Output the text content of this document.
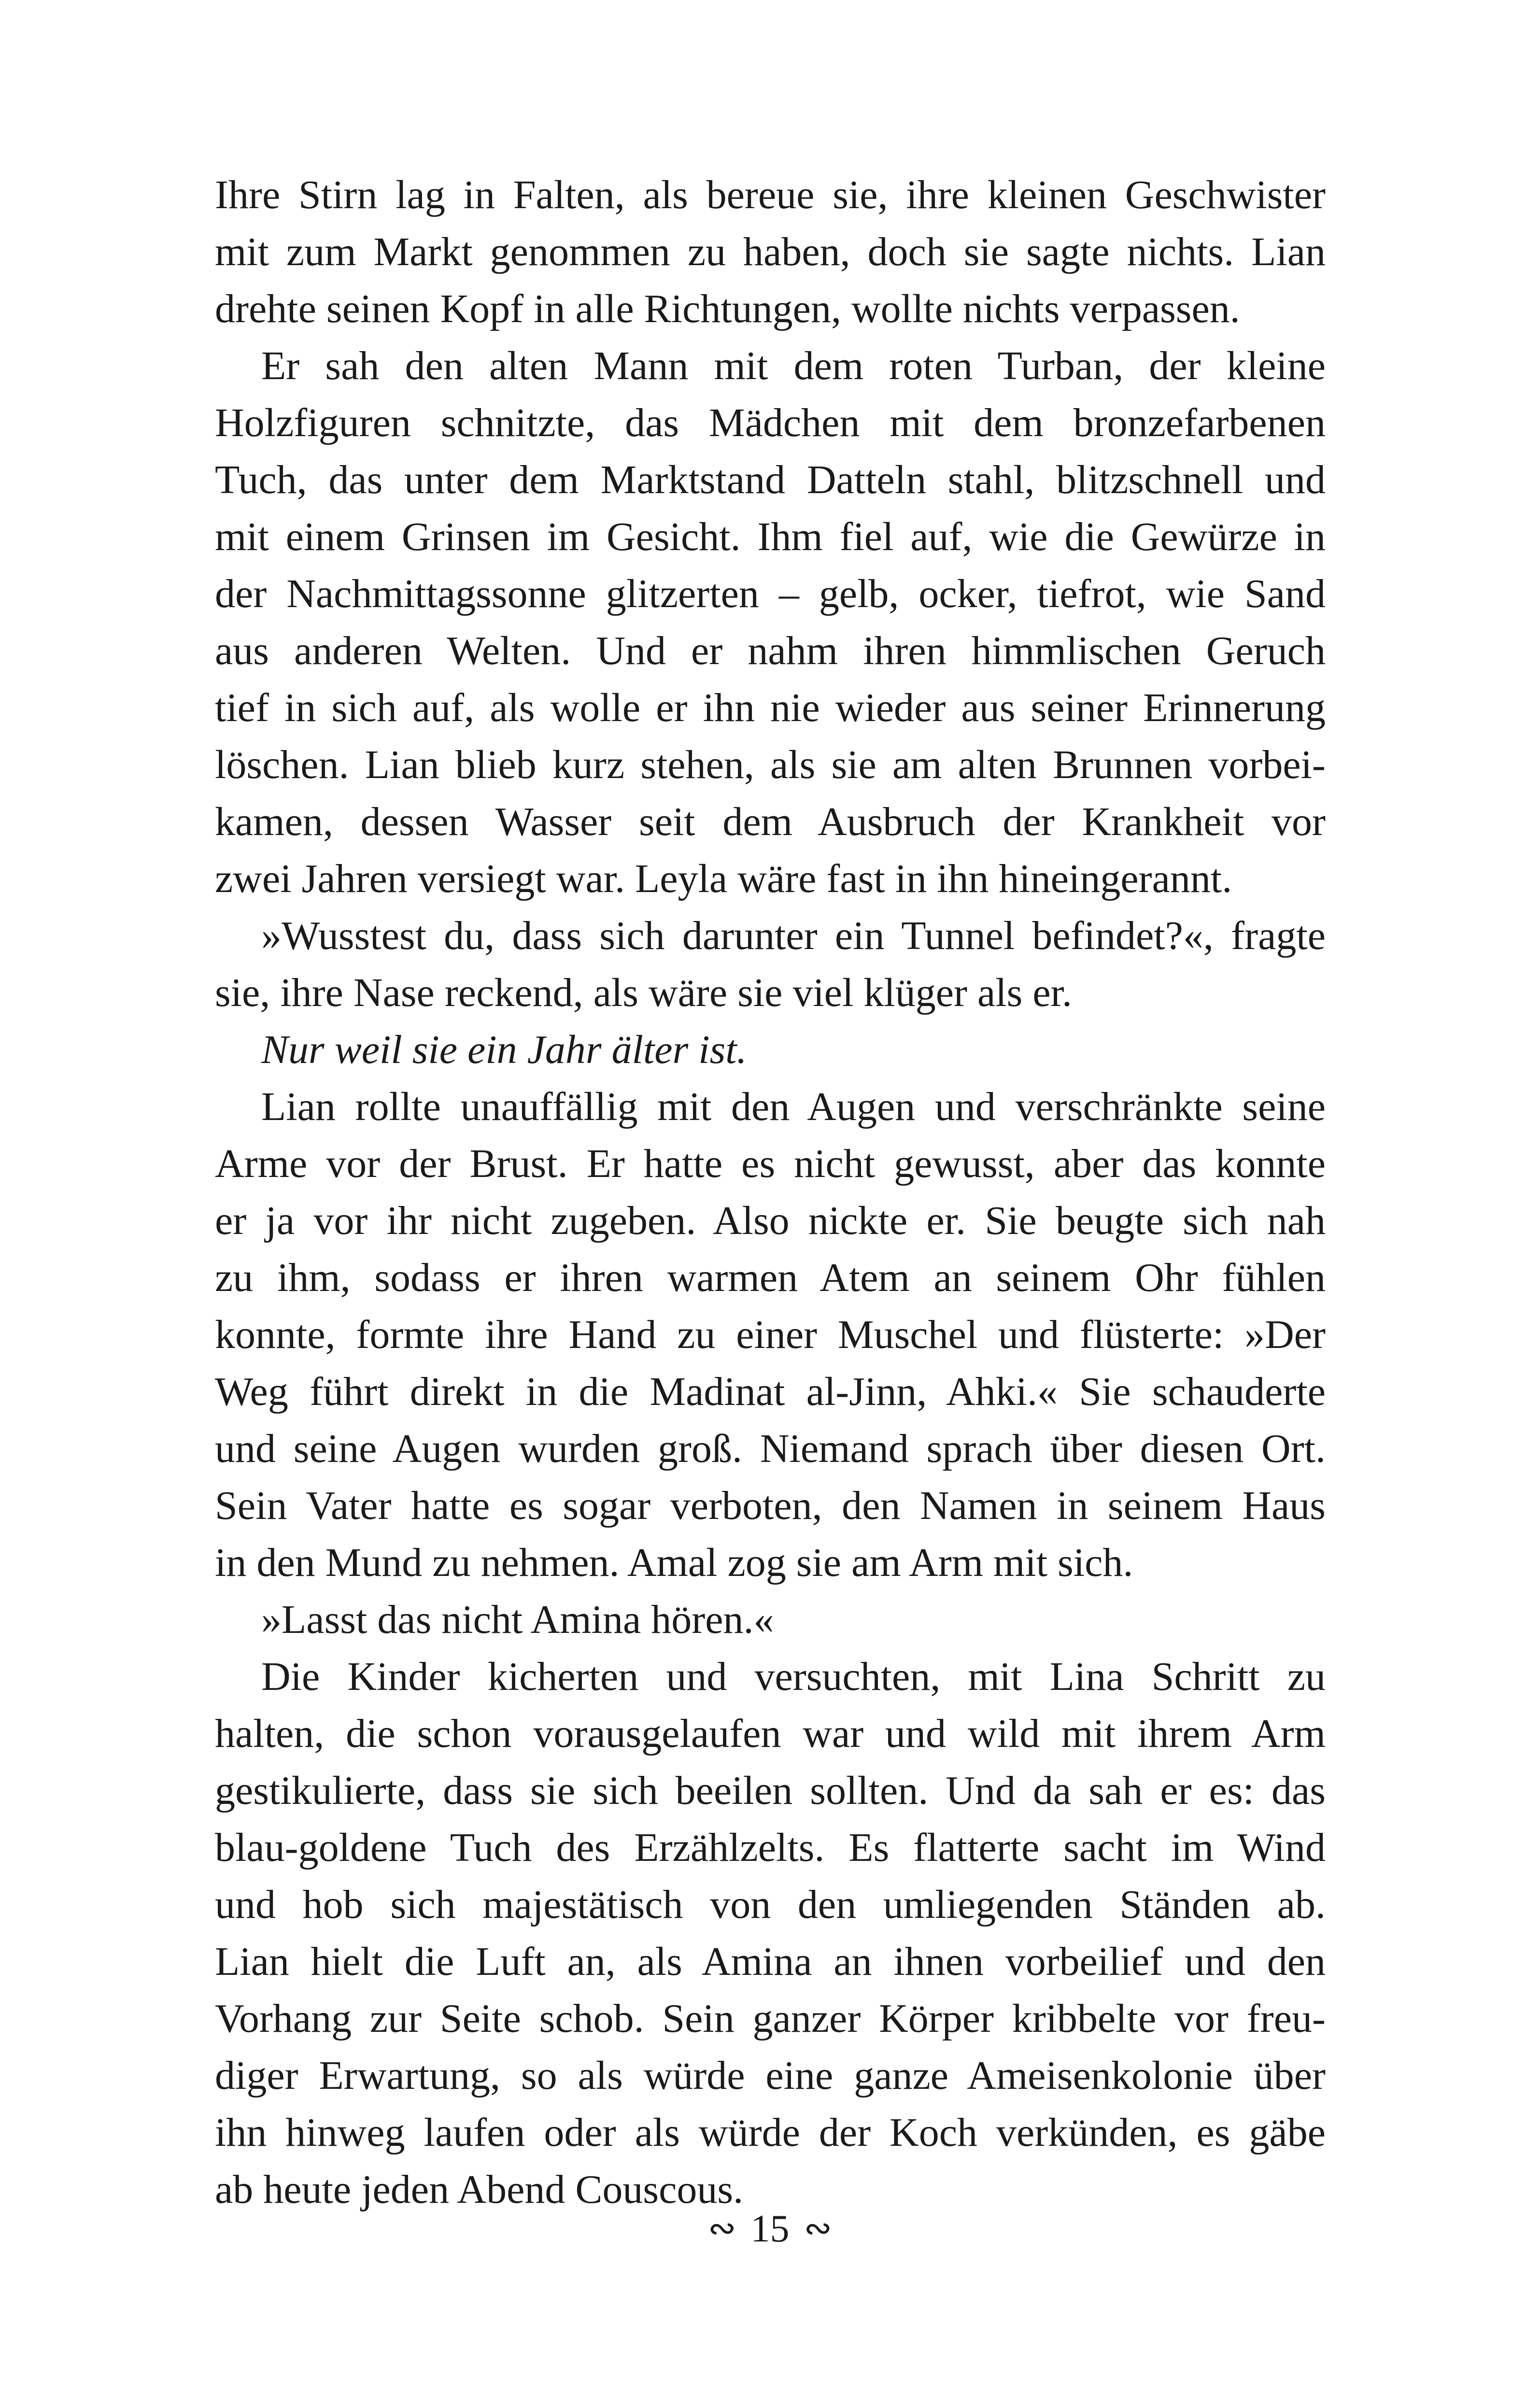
Ihre Stirn lag in Falten, als bereue sie, ihre kleinen Geschwister
mit zum Markt genommen zu haben, doch sie sagte nichts. Lian
drehte seinen Kopf in alle Richtungen, wollte nichts verpassen.

Er sah den alten Mann mit dem roten Turban, der kleine
Holzfiguren schnitzte, das Mädchen mit dem bronzefarbenen
Tuch, das unter dem Marktstand Datteln stahl, blitzschnell und
mit einem Grinsen im Gesicht. Ihm fiel auf, wie die Gewürze in
der Nachmittagssonne glitzerten – gelb, ocker, tiefrot, wie Sand
aus anderen Welten. Und er nahm ihren himmlischen Geruch
tief in sich auf, als wolle er ihn nie wieder aus seiner Erinnerung
löschen. Lian blieb kurz stehen, als sie am alten Brunnen vorbei-
kamen, dessen Wasser seit dem Ausbruch der Krankheit vor
zwei Jahren versiegt war. Leyla wäre fast in ihn hineingerannt.

»Wusstest du, dass sich darunter ein Tunnel befindet?«, fragte
sie, ihre Nase reckend, als wäre sie viel klüger als er.

Nur weil sie ein Jahr älter ist.

Lian rollte unauffällig mit den Augen und verschränkte seine
Arme vor der Brust. Er hatte es nicht gewusst, aber das konnte
er ja vor ihr nicht zugeben. Also nickte er. Sie beugte sich nah
zu ihm, sodass er ihren warmen Atem an seinem Ohr fühlen
konnte, formte ihre Hand zu einer Muschel und flüsterte: »Der
Weg führt direkt in die Madinat al-Jinn, Ahki.« Sie schauderte
und seine Augen wurden groß. Niemand sprach über diesen Ort.
Sein Vater hatte es sogar verboten, den Namen in seinem Haus
in den Mund zu nehmen. Amal zog sie am Arm mit sich.

»Lasst das nicht Amina hören.«

Die Kinder kicherten und versuchten, mit Lina Schritt zu
halten, die schon vorausgelaufen war und wild mit ihrem Arm
gestikulierte, dass sie sich beeilen sollten. Und da sah er es: das
blau-goldene Tuch des Erzählzelts. Es flatterte sacht im Wind
und hob sich majestätisch von den umliegenden Ständen ab.
Lian hielt die Luft an, als Amina an ihnen vorbeilief und den
Vorhang zur Seite schob. Sein ganzer Körper kribbelte vor freu-
diger Erwartung, so als würde eine ganze Ameisenkolonie über
ihn hinweg laufen oder als würde der Koch verkünden, es gäbe
ab heute jeden Abend Couscous.

∾ 15 ∾
